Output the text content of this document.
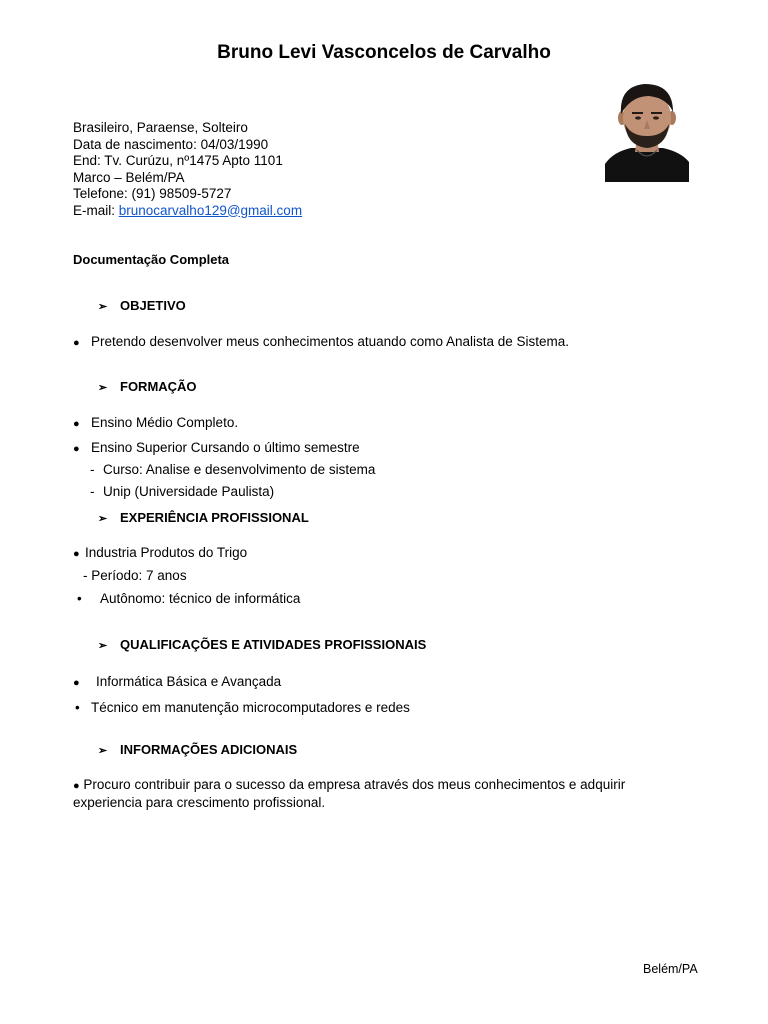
Bruno Levi Vasconcelos de Carvalho
Brasileiro, Paraense, Solteiro
Data de nascimento: 04/03/1990
End: Tv. Curúzu, nº1475 Apto 1101
Marco – Belém/PA
Telefone: (91) 98509-5727
E-mail: brunocarvalho129@gmail.com
Documentação Completa
➢ OBJETIVO
● Pretendo desenvolver meus conhecimentos atuando como Analista de Sistema.
➢ FORMAÇÃO
● Ensino Médio Completo.
● Ensino Superior Cursando o último semestre
- Curso: Analise e desenvolvimento de sistema
- Unip (Universidade Paulista)
➢ EXPERIÊNCIA PROFISSIONAL
● Industria Produtos do Trigo
- Período: 7 anos
• Autônomo: técnico de informática
➢ QUALIFICAÇÕES E ATIVIDADES PROFISSIONAIS
● Informática Básica e Avançada
• Técnico em manutenção microcomputadores e redes
➢ INFORMAÇÕES ADICIONAIS
● Procuro contribuir para o sucesso da empresa através dos meus conhecimentos e adquirir experiencia para crescimento profissional.
Belém/PA
